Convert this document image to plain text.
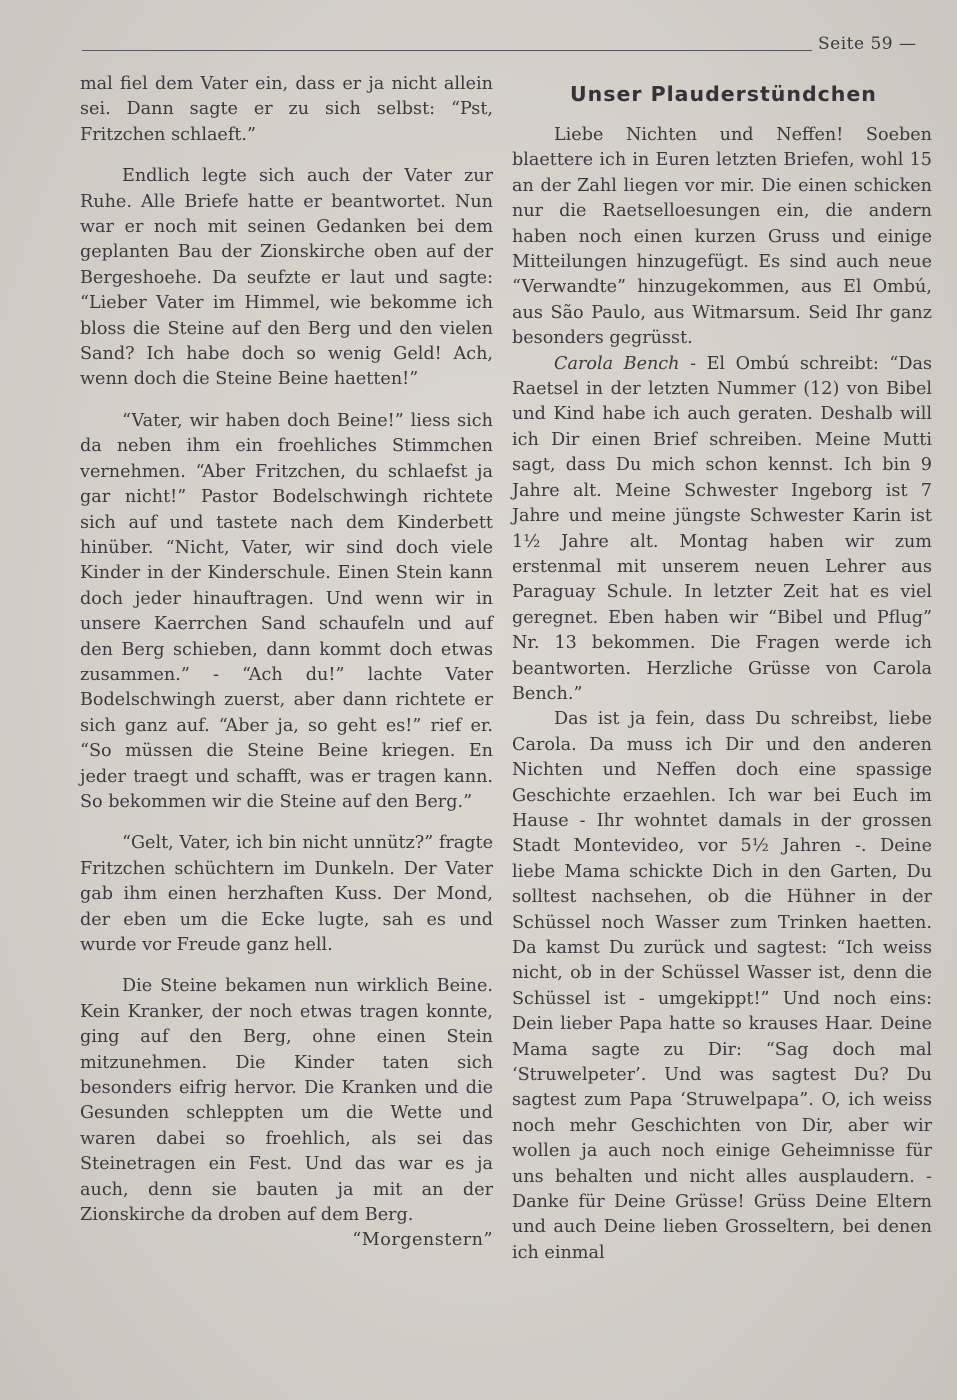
Seite 59 —

mal fiel dem Vater ein, dass er ja nicht allein sei. Dann sagte er zu sich selbst: “Pst, Fritzchen schlaeft.”

Endlich legte sich auch der Vater zur Ruhe. Alle Briefe hatte er beantwortet. Nun war er noch mit seinen Gedanken bei dem geplanten Bau der Zionskirche oben auf der Bergeshoehe. Da seufzte er laut und sagte: “Lieber Vater im Himmel, wie bekomme ich bloss die Steine auf den Berg und den vielen Sand? Ich habe doch so wenig Geld! Ach, wenn doch die Steine Beine haetten!”

“Vater, wir haben doch Beine!” liess sich da neben ihm ein froehliches Stimmchen vernehmen. “Aber Fritzchen, du schlaefst ja gar nicht!” Pastor Bodelschwingh richtete sich auf und tastete nach dem Kinderbett hinüber. “Nicht, Vater, wir sind doch viele Kinder in der Kinderschule. Einen Stein kann doch jeder hinauftragen. Und wenn wir in unsere Kaerrchen Sand schaufeln und auf den Berg schieben, dann kommt doch etwas zusammen.” - “Ach du!” lachte Vater Bodelschwingh zuerst, aber dann richtete er sich ganz auf. “Aber ja, so geht es!” rief er. “So müssen die Steine Beine kriegen. En jeder traegt und schafft, was er tragen kann. So bekommen wir die Steine auf den Berg.”

“Gelt, Vater, ich bin nicht unnütz?” fragte Fritzchen schüchtern im Dunkeln. Der Vater gab ihm einen herzhaften Kuss. Der Mond, der eben um die Ecke lugte, sah es und wurde vor Freude ganz hell.

Die Steine bekamen nun wirklich Beine. Kein Kranker, der noch etwas tragen konnte, ging auf den Berg, ohne einen Stein mitzunehmen. Die Kinder taten sich besonders eifrig hervor. Die Kranken und die Gesunden schleppten um die Wette und waren dabei so froehlich, als sei das Steinetragen ein Fest. Und das war es ja auch, denn sie bauten ja mit an der Zionskirche da droben auf dem Berg.
“Morgenstern”

Unser Plauderstündchen

Liebe Nichten und Neffen! Soeben blaettere ich in Euren letzten Briefen, wohl 15 an der Zahl liegen vor mir. Die einen schicken nur die Raetselloesungen ein, die andern haben noch einen kurzen Gruss und einige Mitteilungen hinzugefügt. Es sind auch neue “Verwandte” hinzugekommen, aus El Ombú, aus São Paulo, aus Witmarsum. Seid Ihr ganz besonders gegrüsst.

Carola Bench - El Ombú schreibt: “Das Raetsel in der letzten Nummer (12) von Bibel und Kind habe ich auch geraten. Deshalb will ich Dir einen Brief schreiben. Meine Mutti sagt, dass Du mich schon kennst. Ich bin 9 Jahre alt. Meine Schwester Ingeborg ist 7 Jahre und meine jüngste Schwester Karin ist 1½ Jahre alt. Montag haben wir zum erstenmal mit unserem neuen Lehrer aus Paraguay Schule. In letzter Zeit hat es viel geregnet. Eben haben wir “Bibel und Pflug” Nr. 13 bekommen. Die Fragen werde ich beantworten. Herzliche Grüsse von Carola Bench.”

Das ist ja fein, dass Du schreibst, liebe Carola. Da muss ich Dir und den anderen Nichten und Neffen doch eine spassige Geschichte erzaehlen. Ich war bei Euch im Hause - Ihr wohntet damals in der grossen Stadt Montevideo, vor 5½ Jahren -. Deine liebe Mama schickte Dich in den Garten, Du solltest nachsehen, ob die Hühner in der Schüssel noch Wasser zum Trinken haetten. Da kamst Du zurück und sagtest: “Ich weiss nicht, ob in der Schüssel Wasser ist, denn die Schüssel ist - umgekippt!” Und noch eins: Dein lieber Papa hatte so krauses Haar. Deine Mama sagte zu Dir: “Sag doch mal ‘Struwelpeter’. Und was sagtest Du? Du sagtest zum Papa ‘Struwelpapa”. O, ich weiss noch mehr Geschichten von Dir, aber wir wollen ja auch noch einige Geheimnisse für uns behalten und nicht alles ausplaudern. - Danke für Deine Grüsse! Grüss Deine Eltern und auch Deine lieben Grosseltern, bei denen ich einmal
